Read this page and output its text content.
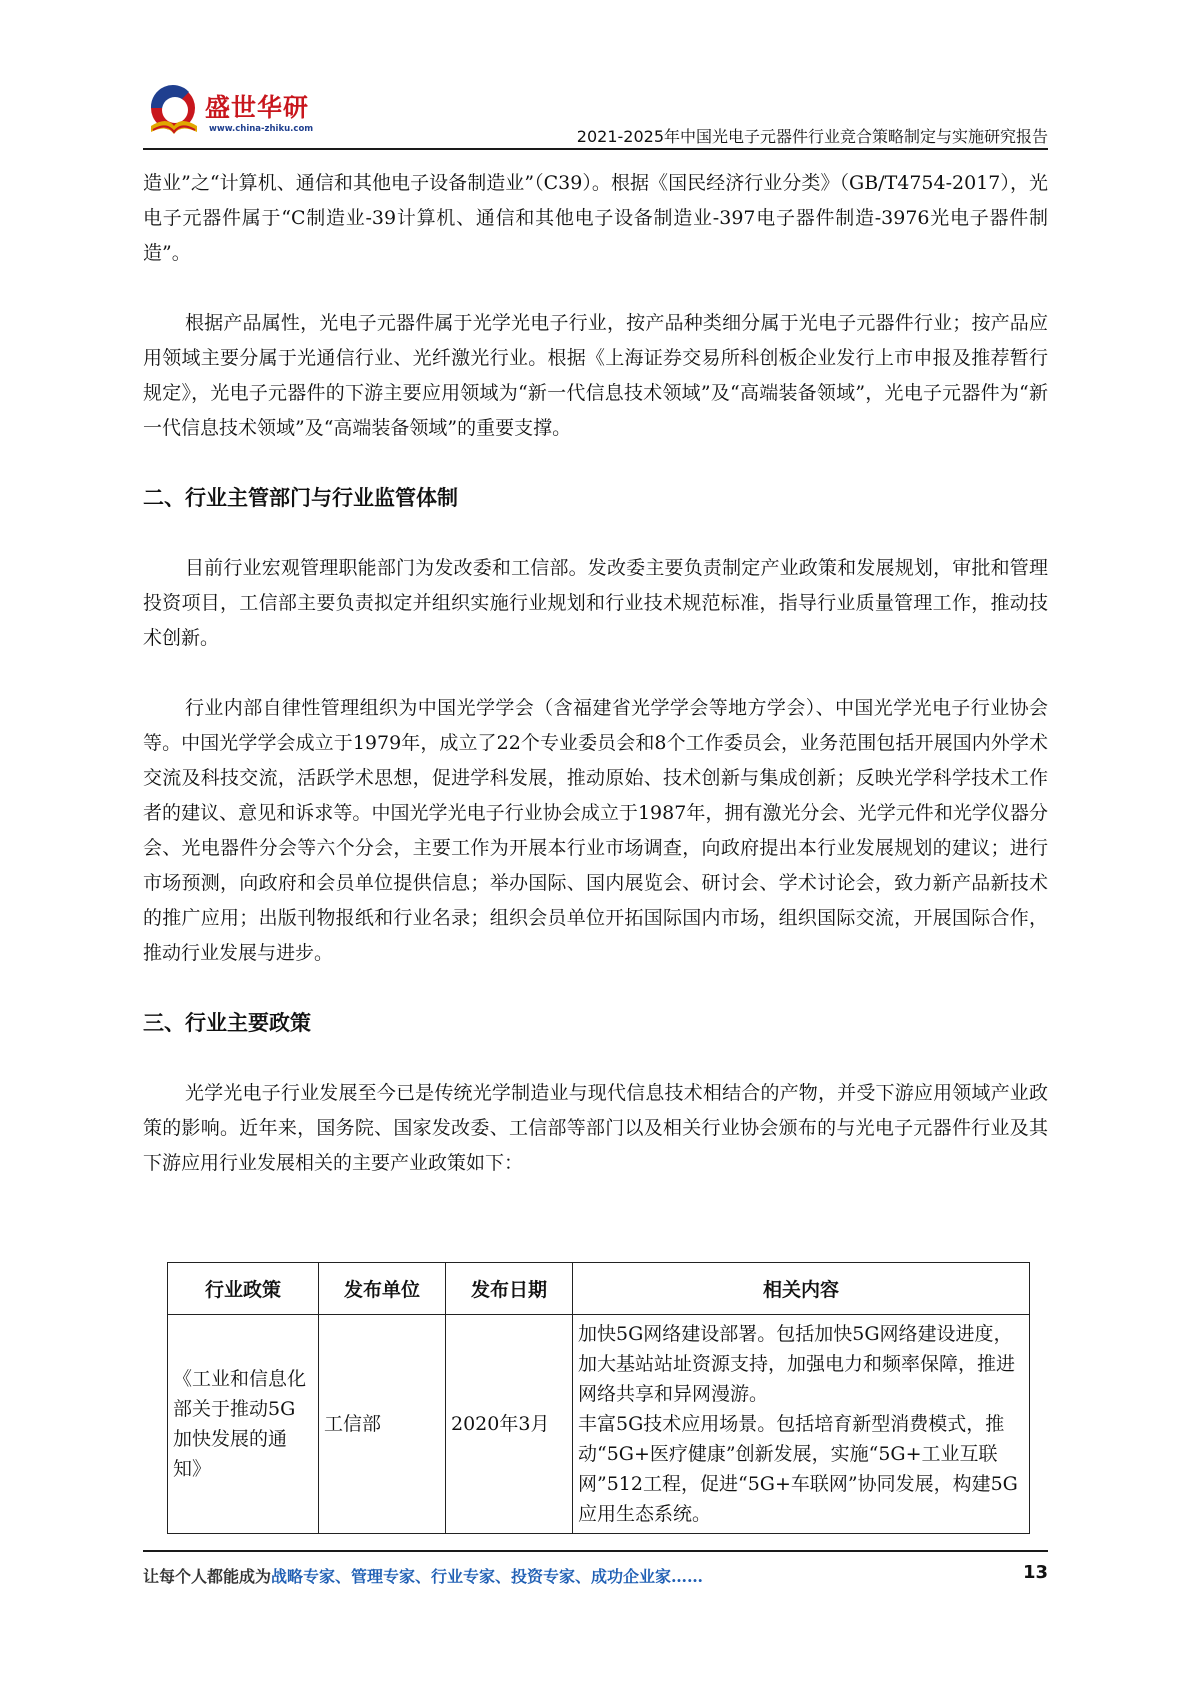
盛世华研
www.china-zhiku.com	2021-2025年中国光电子元器件行业竞合策略制定与实施研究报告

造业”之“计算机、通信和其他电子设备制造业”（C39）。根据《国民经济行业分类》（GB/T4754-2017），光电子元器件属于“C制造业-39计算机、通信和其他电子设备制造业-397电子器件制造-3976光电子器件制造”。

根据产品属性，光电子元器件属于光学光电子行业，按产品种类细分属于光电子元器件行业；按产品应用领域主要分属于光通信行业、光纤激光行业。根据《上海证券交易所科创板企业发行上市申报及推荐暂行规定》，光电子元器件的下游主要应用领域为“新一代信息技术领域”及“高端装备领域”，光电子元器件为“新一代信息技术领域”及“高端装备领域”的重要支撑。

二、行业主管部门与行业监管体制

目前行业宏观管理职能部门为发改委和工信部。发改委主要负责制定产业政策和发展规划，审批和管理投资项目，工信部主要负责拟定并组织实施行业规划和行业技术规范标准，指导行业质量管理工作，推动技术创新。

行业内部自律性管理组织为中国光学学会（含福建省光学学会等地方学会）、中国光学光电子行业协会等。中国光学学会成立于1979年，成立了22个专业委员会和8个工作委员会，业务范围包括开展国内外学术交流及科技交流，活跃学术思想，促进学科发展，推动原始、技术创新与集成创新；反映光学科学技术工作者的建议、意见和诉求等。中国光学光电子行业协会成立于1987年，拥有激光分会、光学元件和光学仪器分会、光电器件分会等六个分会，主要工作为开展本行业市场调查，向政府提出本行业发展规划的建议；进行市场预测，向政府和会员单位提供信息；举办国际、国内展览会、研讨会、学术讨论会，致力新产品新技术的推广应用；出版刊物报纸和行业名录；组织会员单位开拓国际国内市场，组织国际交流，开展国际合作，推动行业发展与进步。

三、行业主要政策

光学光电子行业发展至今已是传统光学制造业与现代信息技术相结合的产物，并受下游应用领域产业政策的影响。近年来，国务院、国家发改委、工信部等部门以及相关行业协会颁布的与光电子元器件行业及其下游应用行业发展相关的主要产业政策如下：

行业政策	发布单位	发布日期	相关内容
《工业和信息化部关于推动5G加快发展的通知》	工信部	2020年3月	加快5G网络建设部署。包括加快5G网络建设进度，加大基站站址资源支持，加强电力和频率保障，推进网络共享和异网漫游。
丰富5G技术应用场景。包括培育新型消费模式，推动“5G+医疗健康”创新发展，实施“5G+工业互联网”512工程，促进“5G+车联网”协同发展，构建5G应用生态系统。
让每个人都能成为战略专家、管理专家、行业专家、投资专家、成功企业家……	13
